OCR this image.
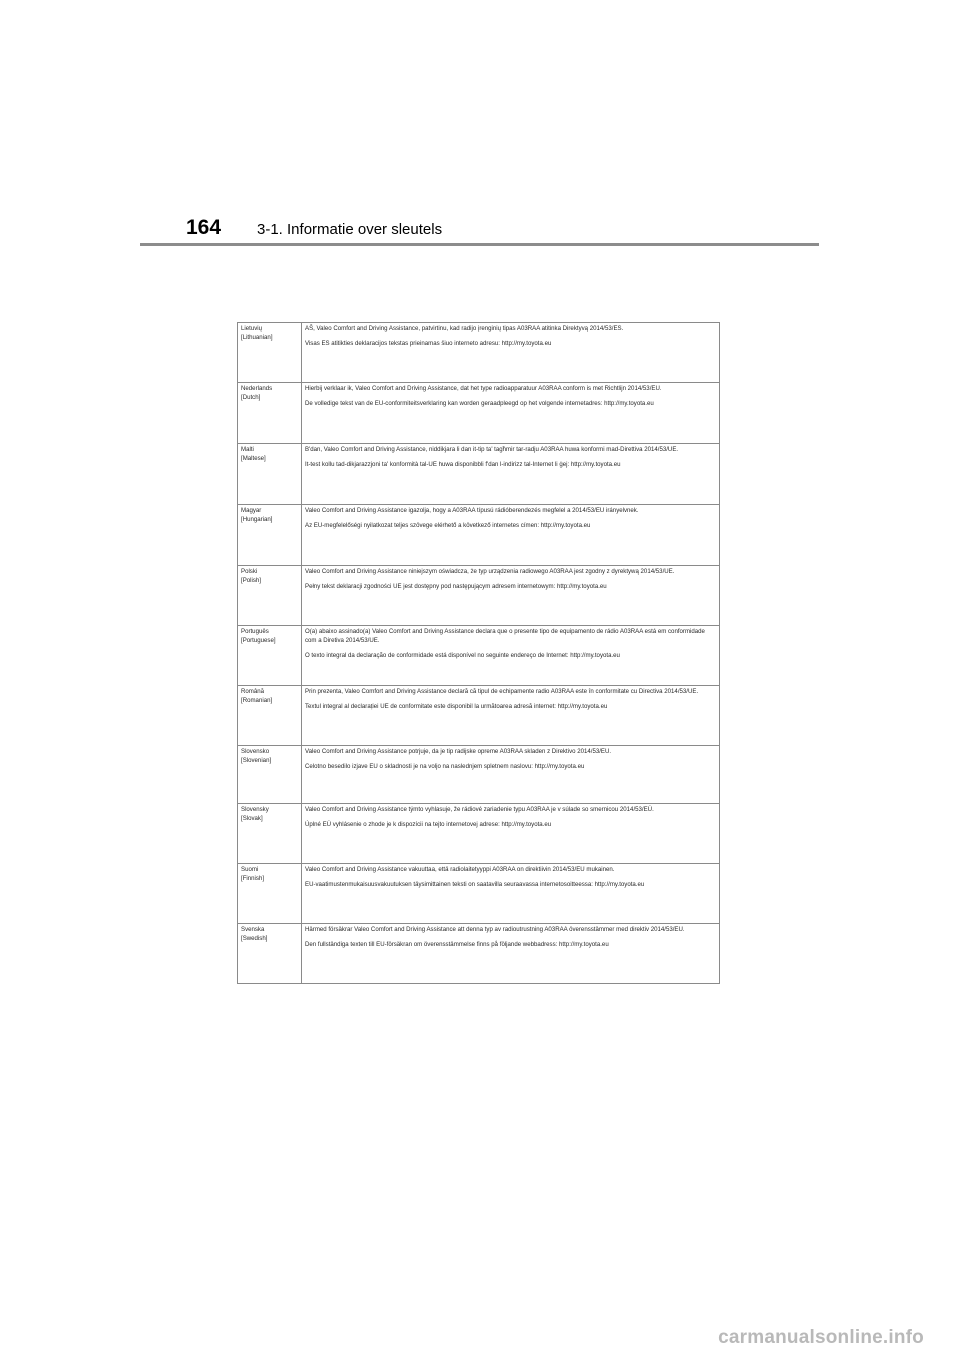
164 3-1. Informatie over sleutels
Lietuvių
[Lithuanian]	AŠ, Valeo Comfort and Driving Assistance, patvirtinu, kad radijo įrenginių tipas A03RAA atitinka Direktyvą 2014/53/ES.
Visas ES atitikties deklaracijos tekstas prieinamas šiuo interneto adresu: http://my.toyota.eu

Nederlands
[Dutch]	Hierbij verklaar ik, Valeo Comfort and Driving Assistance, dat het type radioapparatuur A03RAA conform is met Richtlijn 2014/53/EU.
De volledige tekst van de EU-conformiteitsverklaring kan worden geraadpleegd op het volgende internetadres: http://my.toyota.eu

Malti
[Maltese]	B'dan, Valeo Comfort and Driving Assistance, niddikjara li dan it-tip ta' tagħmir tar-radju A03RAA huwa konformi mad-Direttiva 2014/53/UE.
It-test kollu tad-dikjarazzjoni ta' konformità tal-UE huwa disponibbli f'dan l-indirizz tal-Internet li ġej: http://my.toyota.eu

Magyar
[Hungarian]	Valeo Comfort and Driving Assistance igazolja, hogy a A03RAA típusú rádióberendezés megfelel a 2014/53/EU irányelvnek.
Az EU-megfelelőségi nyilatkozat teljes szövege elérhető a következő internetes címen: http://my.toyota.eu

Polski
[Polish]	Valeo Comfort and Driving Assistance niniejszym oświadcza, że typ urządzenia radiowego A03RAA jest zgodny z dyrektywą 2014/53/UE.
Pełny tekst deklaracji zgodności UE jest dostępny pod następującym adresem internetowym: http://my.toyota.eu

Português
[Portuguese]	O(a) abaixo assinado(a) Valeo Comfort and Driving Assistance declara que o presente tipo de equipamento de rádio A03RAA está em conformidade com a Diretiva 2014/53/UE.
O texto integral da declaração de conformidade está disponível no seguinte endereço de Internet: http://my.toyota.eu

Română
[Romanian]	Prin prezenta, Valeo Comfort and Driving Assistance declară că tipul de echipamente radio A03RAA este în conformitate cu Directiva 2014/53/UE.
Textul integral al declarației UE de conformitate este disponibil la următoarea adresă internet: http://my.toyota.eu

Slovensko
[Slovenian]	Valeo Comfort and Driving Assistance potrjuje, da je tip radijske opreme A03RAA skladen z Direktivo 2014/53/EU.
Celotno besedilo izjave EU o skladnosti je na voljo na naslednjem spletnem naslovu: http://my.toyota.eu

Slovensky
[Slovak]	Valeo Comfort and Driving Assistance týmto vyhlasuje, že rádiové zariadenie typu A03RAA je v súlade so smernicou 2014/53/EÚ.
Úplné EÚ vyhlásenie o zhode je k dispozícii na tejto internetovej adrese: http://my.toyota.eu

Suomi
[Finnish]	Valeo Comfort and Driving Assistance vakuuttaa, että radiolaitetyyppi A03RAA on direktiivin 2014/53/EU mukainen.
EU-vaatimustenmukaisuusvakuutuksen täysimittainen teksti on saatavilla seuraavassa internetosoitteessa: http://my.toyota.eu

Svenska
[Swedish]	Härmed försäkrar Valeo Comfort and Driving Assistance att denna typ av radioutrustning A03RAA överensstämmer med direktiv 2014/53/EU.
Den fullständiga texten till EU-försäkran om överensstämmelse finns på följande webbadress: http://my.toyota.eu
carmanualsonline.info
